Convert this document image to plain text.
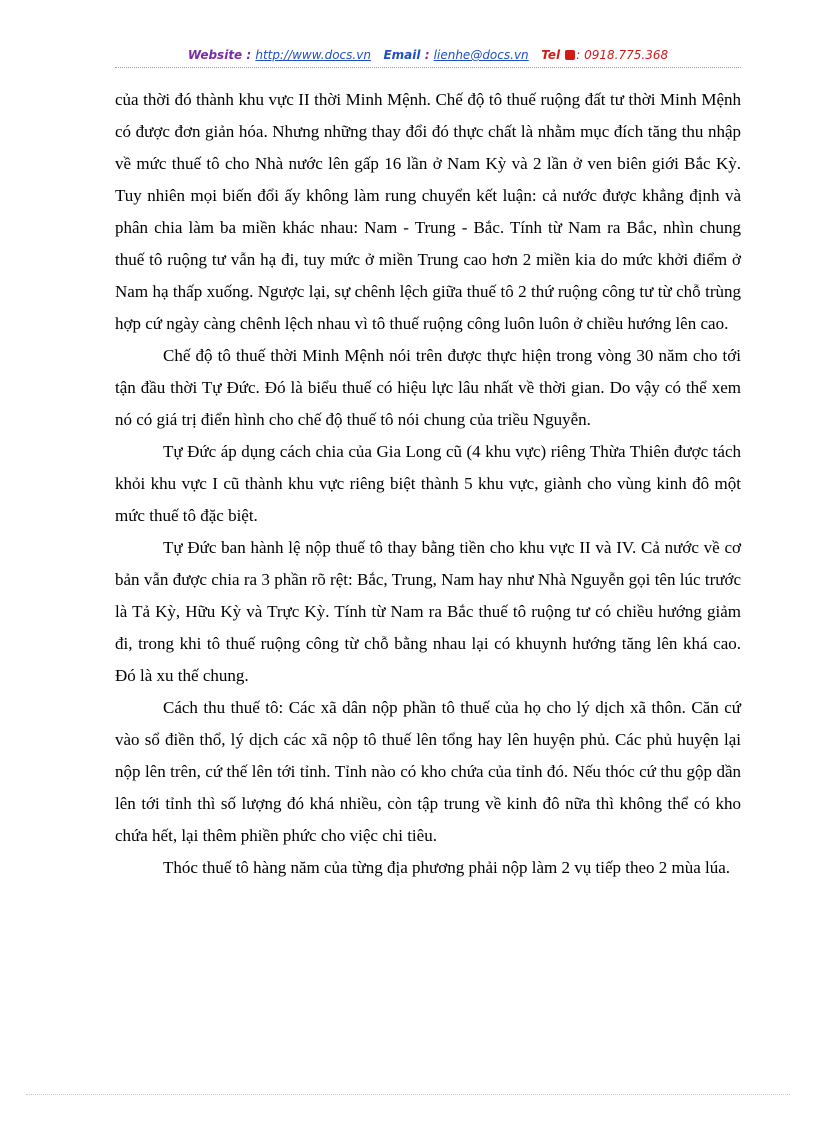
Website : http://www.docs.vn Email : lienhe@docs.vn Tel : 0918.775.368

của thời đó thành khu vực II thời Minh Mệnh. Chế độ tô thuế ruộng đất tư thời Minh Mệnh có được đơn giản hóa. Nhưng những thay đổi đó thực chất là nhằm mục đích tăng thu nhập về mức thuế tô cho Nhà nước lên gấp 16 lần ở Nam Kỳ và 2 lần ở ven biên giới Bắc Kỳ. Tuy nhiên mọi biến đổi ấy không làm rung chuyển kết luận: cả nước được khẳng định và phân chia làm ba miền khác nhau: Nam - Trung - Bắc. Tính từ Nam ra Bắc, nhìn chung thuế tô ruộng tư vẫn hạ đi, tuy mức ở miền Trung cao hơn 2 miền kia do mức khởi điểm ở Nam hạ thấp xuống. Ngược lại, sự chênh lệch giữa thuế tô 2 thứ ruộng công tư từ chỗ trùng hợp cứ ngày càng chênh lệch nhau vì tô thuế ruộng công luôn luôn ở chiều hướng lên cao.

Chế độ tô thuế thời Minh Mệnh nói trên được thực hiện trong vòng 30 năm cho tới tận đầu thời Tự Đức. Đó là biểu thuế có hiệu lực lâu nhất về thời gian. Do vậy có thể xem nó có giá trị điển hình cho chế độ thuế tô nói chung của triều Nguyễn.

Tự Đức áp dụng cách chia của Gia Long cũ (4 khu vực) riêng Thừa Thiên được tách khỏi khu vực I cũ thành khu vực riêng biệt thành 5 khu vực, giành cho vùng kinh đô một mức thuế tô đặc biệt.

Tự Đức ban hành lệ nộp thuế tô thay bằng tiền cho khu vực II và IV. Cả nước về cơ bản vẫn được chia ra 3 phần rõ rệt: Bắc, Trung, Nam hay như Nhà Nguyễn gọi tên lúc trước là Tả Kỳ, Hữu Kỳ và Trực Kỳ. Tính từ Nam ra Bắc thuế tô ruộng tư có chiều hướng giảm đi, trong khi tô thuế ruộng công từ chỗ bằng nhau lại có khuynh hướng tăng lên khá cao. Đó là xu thế chung.

Cách thu thuế tô: Các xã dân nộp phần tô thuế của họ cho lý dịch xã thôn. Căn cứ vào sổ điền thổ, lý dịch các xã nộp tô thuế lên tổng hay lên huyện phủ. Các phủ huyện lại nộp lên trên, cứ thế lên tới tỉnh. Tỉnh nào có kho chứa của tỉnh đó. Nếu thóc cứ thu gộp dần lên tới tỉnh thì số lượng đó khá nhiều, còn tập trung về kinh đô nữa thì không thể có kho chứa hết, lại thêm phiền phức cho việc chi tiêu.

Thóc thuế tô hàng năm của từng địa phương phải nộp làm 2 vụ tiếp theo 2 mùa lúa.
